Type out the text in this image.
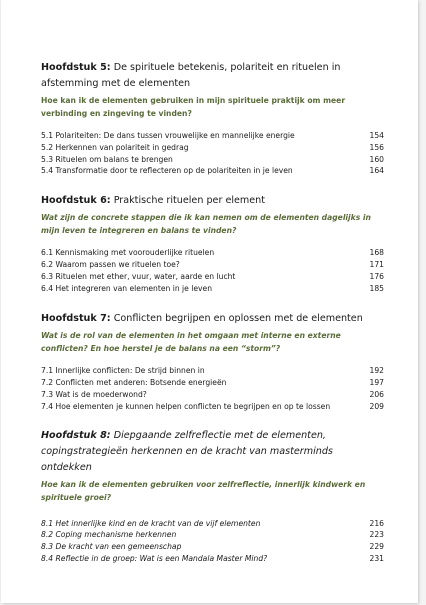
Hoofdstuk 5: De spirituele betekenis, polariteit en rituelen in afstemming met de elementen
Hoe kan ik de elementen gebruiken in mijn spirituele praktijk om meer verbinding en zingeving te vinden?
5.1 Polariteiten: De dans tussen vrouwelijke en mannelijke energie	154
5.2 Herkennen van polariteit in gedrag	156
5.3 Rituelen om balans te brengen	160
5.4 Transformatie door te reflecteren op de polariteiten in je leven	164
Hoofdstuk 6: Praktische rituelen per element
Wat zijn de concrete stappen die ik kan nemen om de elementen dagelijks in mijn leven te integreren en balans te vinden?
6.1 Kennismaking met voorouderlijke rituelen	168
6.2 Waarom passen we rituelen toe?	171
6.3 Rituelen met ether, vuur, water, aarde en lucht	176
6.4 Het integreren van elementen in je leven	185
Hoofdstuk 7: Conflicten begrijpen en oplossen met de elementen
Wat is de rol van de elementen in het omgaan met interne en externe conflicten? En hoe herstel je de balans na een “storm”?
7.1 Innerlijke conflicten: De strijd binnen in	192
7.2 Conflicten met anderen: Botsende energieën	197
7.3 Wat is de moederwond?	206
7.4 Hoe elementen je kunnen helpen conflicten te begrijpen en op te lossen	209
Hoofdstuk 8: Diepgaande zelfreflectie met de elementen, copingstrategieën herkennen en de kracht van masterminds ontdekken
Hoe kan ik de elementen gebruiken voor zelfreflectie, innerlijk kindwerk en spirituele groei?
8.1 Het innerlijke kind en de kracht van de vijf elementen	216
8.2 Coping mechanisme herkennen	223
8.3 De kracht van een gemeenschap	229
8.4 Reflectie in de groep: Wat is een Mandala Master Mind?	231
